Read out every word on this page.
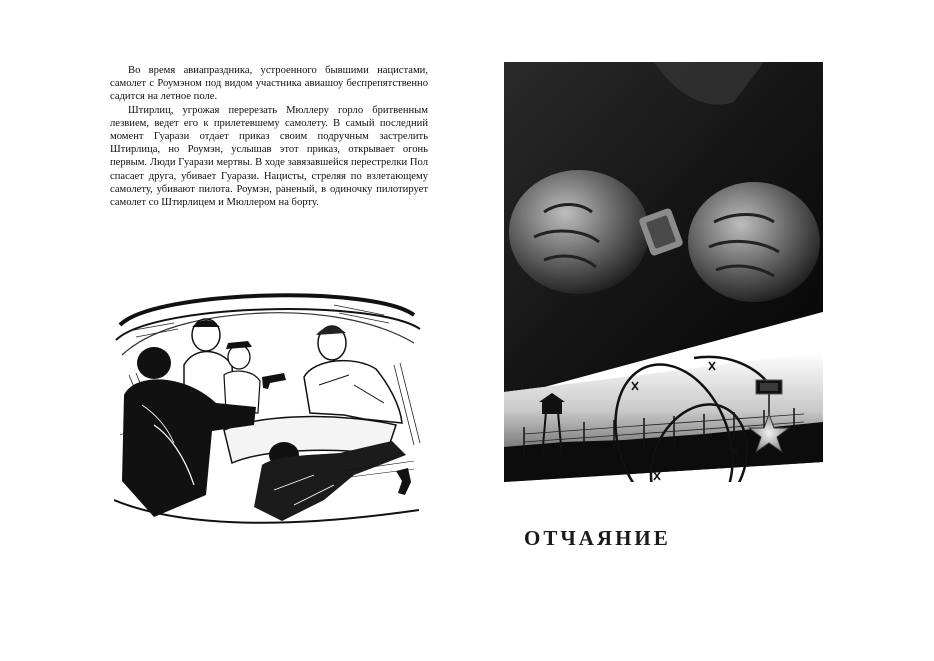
Во время авиапраздника, устроенного бывшими нацистами, самолет с Роумэном под видом участника авиашоу беспрепятственно садится на летное поле.

Штирлиц, угрожая перерезать Мюллеру горло бритвенным лезвием, ведет его к прилетевшему самолету. В самый последний момент Гуарази отдает приказ своим подручным застрелить Штирлица, но Роумэн, услышав этот приказ, открывает огонь первым. Люди Гуарази мертвы. В ходе завязавшейся перестрелки Пол спасает друга, убивает Гуарази. Нацисты, стреляя по взлетающему самолету, убивают пилота. Роумэн, раненый, в одиночку пилотирует самолет со Штирлицем и Мюллером на борту.

ОТЧАЯНИЕ
